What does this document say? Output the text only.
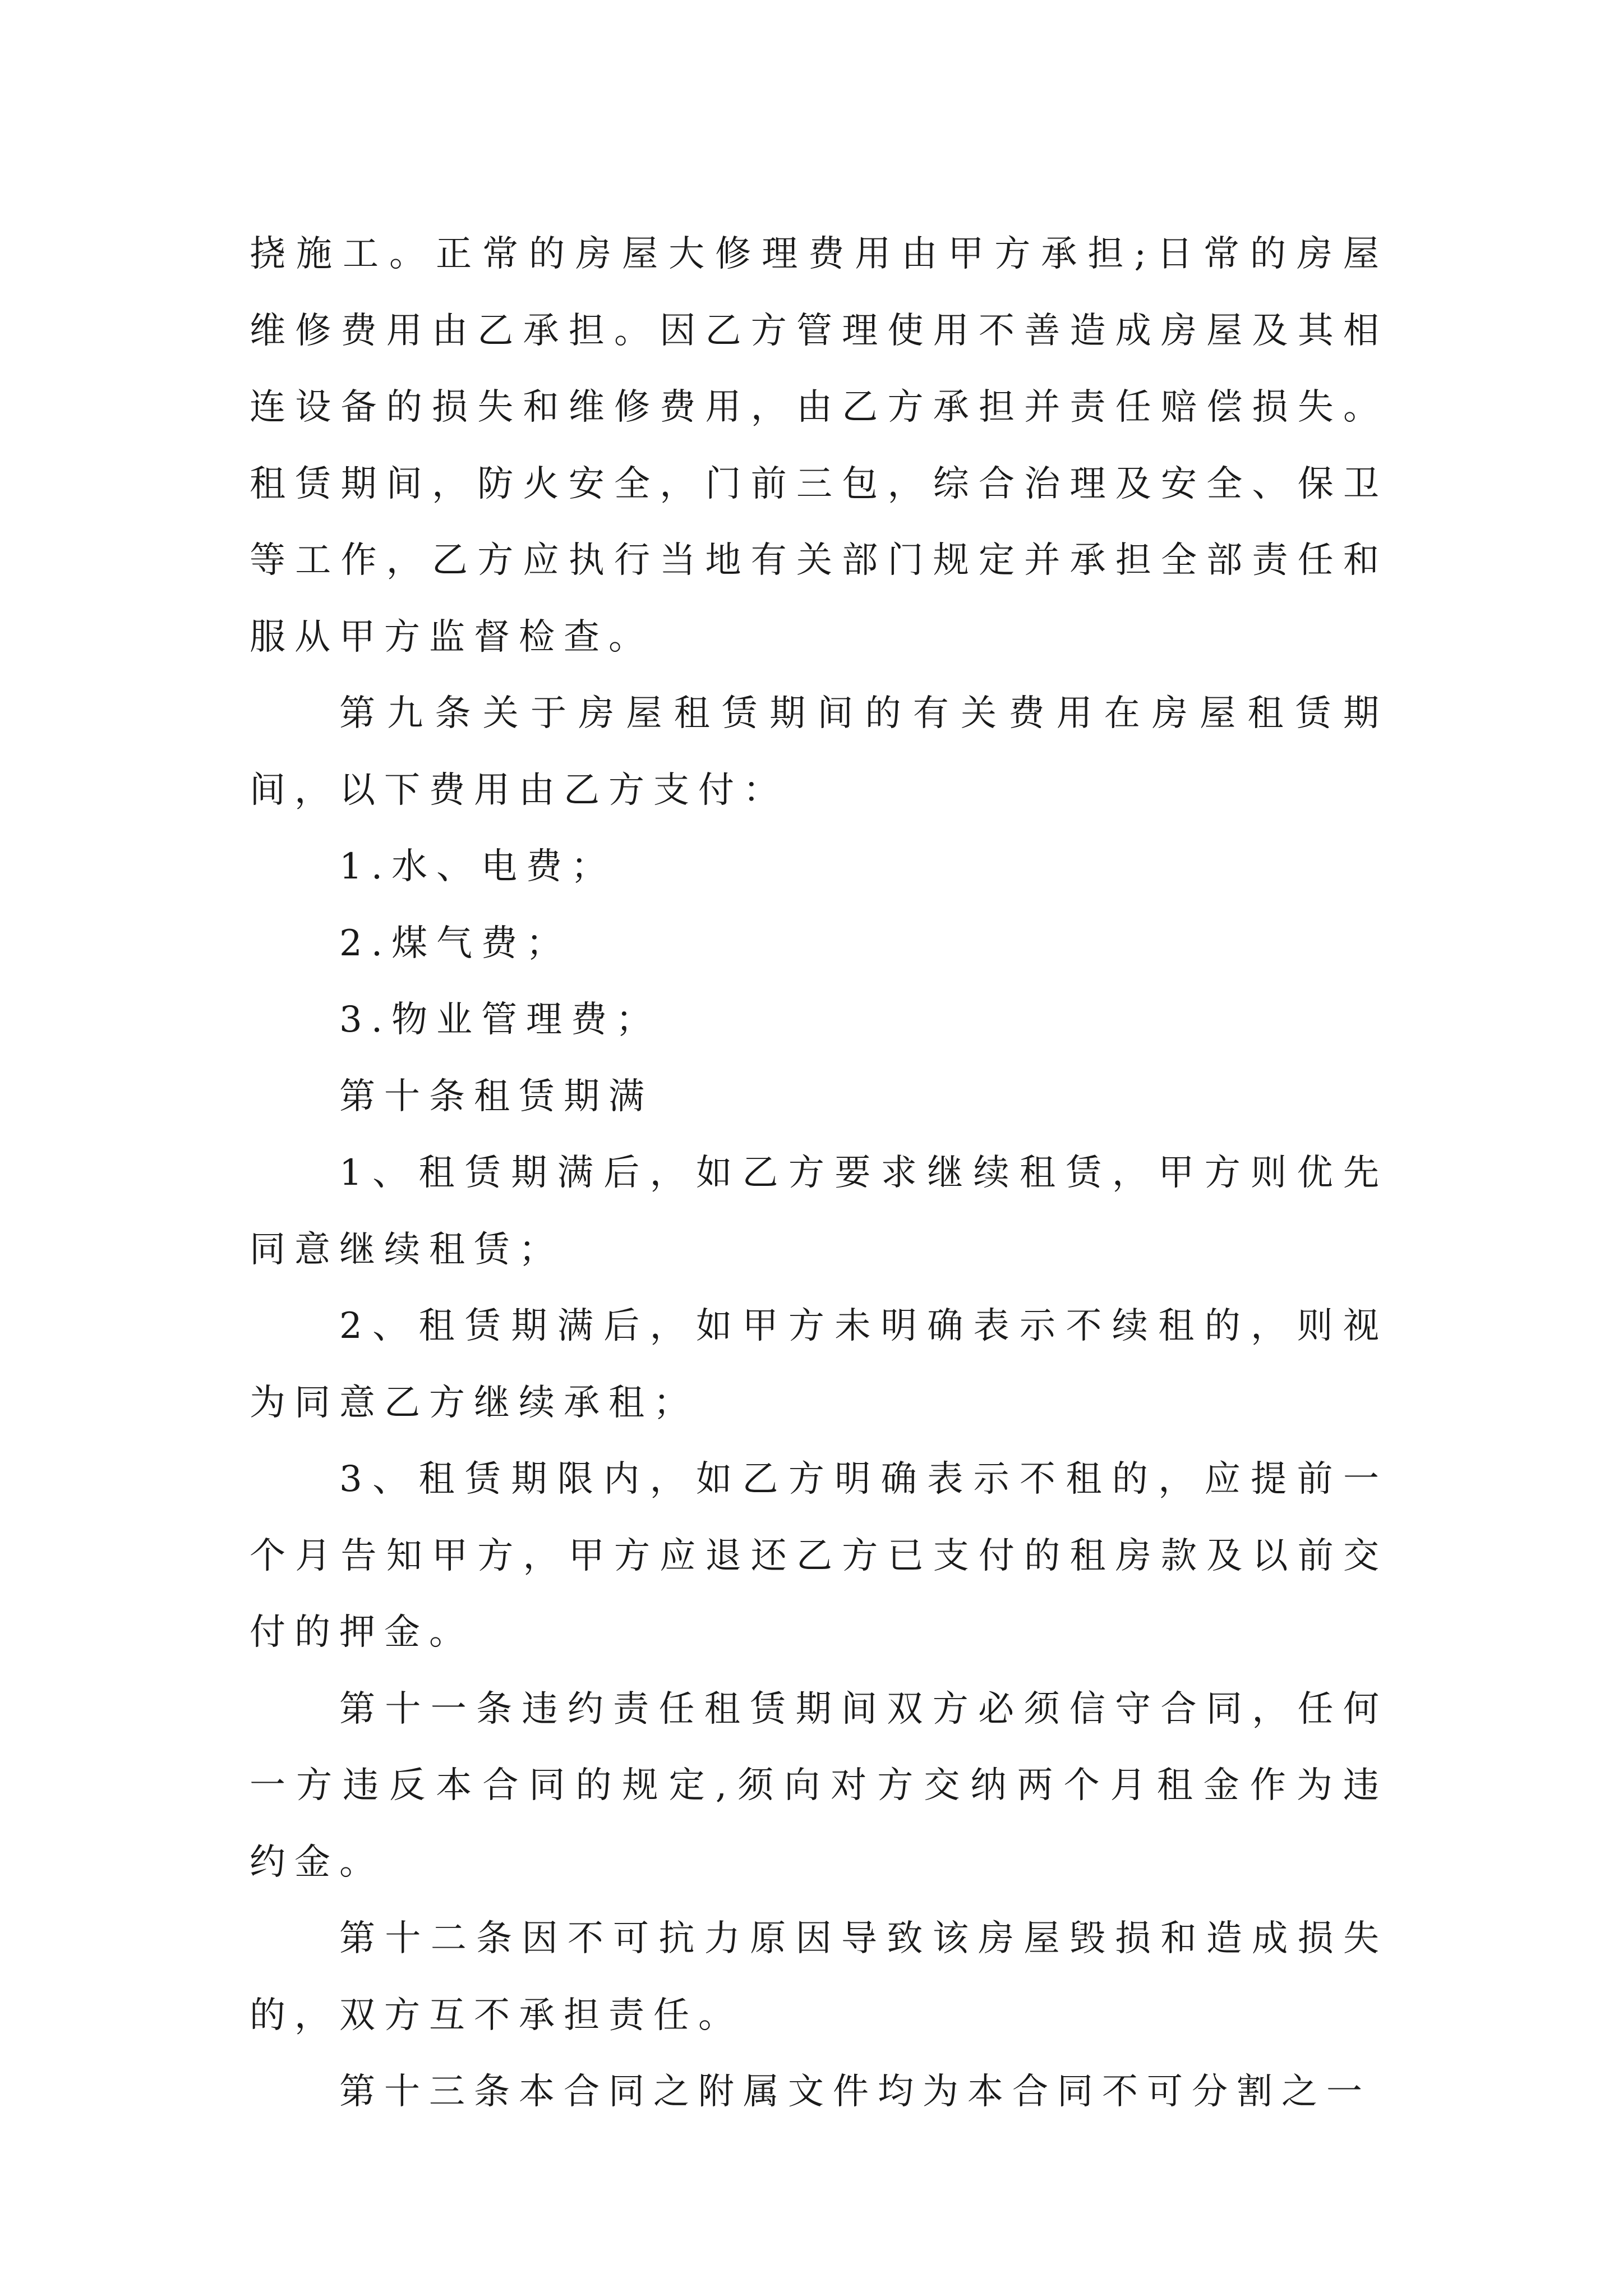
挠施工。正常的房屋大修理费用由甲方承担;日常的房屋维修费用由乙承担。因乙方管理使用不善造成房屋及其相连设备的损失和维修费用，由乙方承担并责任赔偿损失。租赁期间，防火安全，门前三包，综合治理及安全、保卫等工作，乙方应执行当地有关部门规定并承担全部责任和服从甲方监督检查。

第九条关于房屋租赁期间的有关费用在房屋租赁期间，以下费用由乙方支付：

1.水、电费；

2.煤气费；

3.物业管理费；

第十条租赁期满

1、租赁期满后，如乙方要求继续租赁，甲方则优先同意继续租赁；

2、租赁期满后，如甲方未明确表示不续租的，则视为同意乙方继续承租；

3、租赁期限内，如乙方明确表示不租的，应提前一个月告知甲方，甲方应退还乙方已支付的租房款及以前交付的押金。

第十一条违约责任租赁期间双方必须信守合同，任何一方违反本合同的规定,须向对方交纳两个月租金作为违约金。

第十二条因不可抗力原因导致该房屋毁损和造成损失的，双方互不承担责任。

第十三条本合同之附属文件均为本合同不可分割之一
